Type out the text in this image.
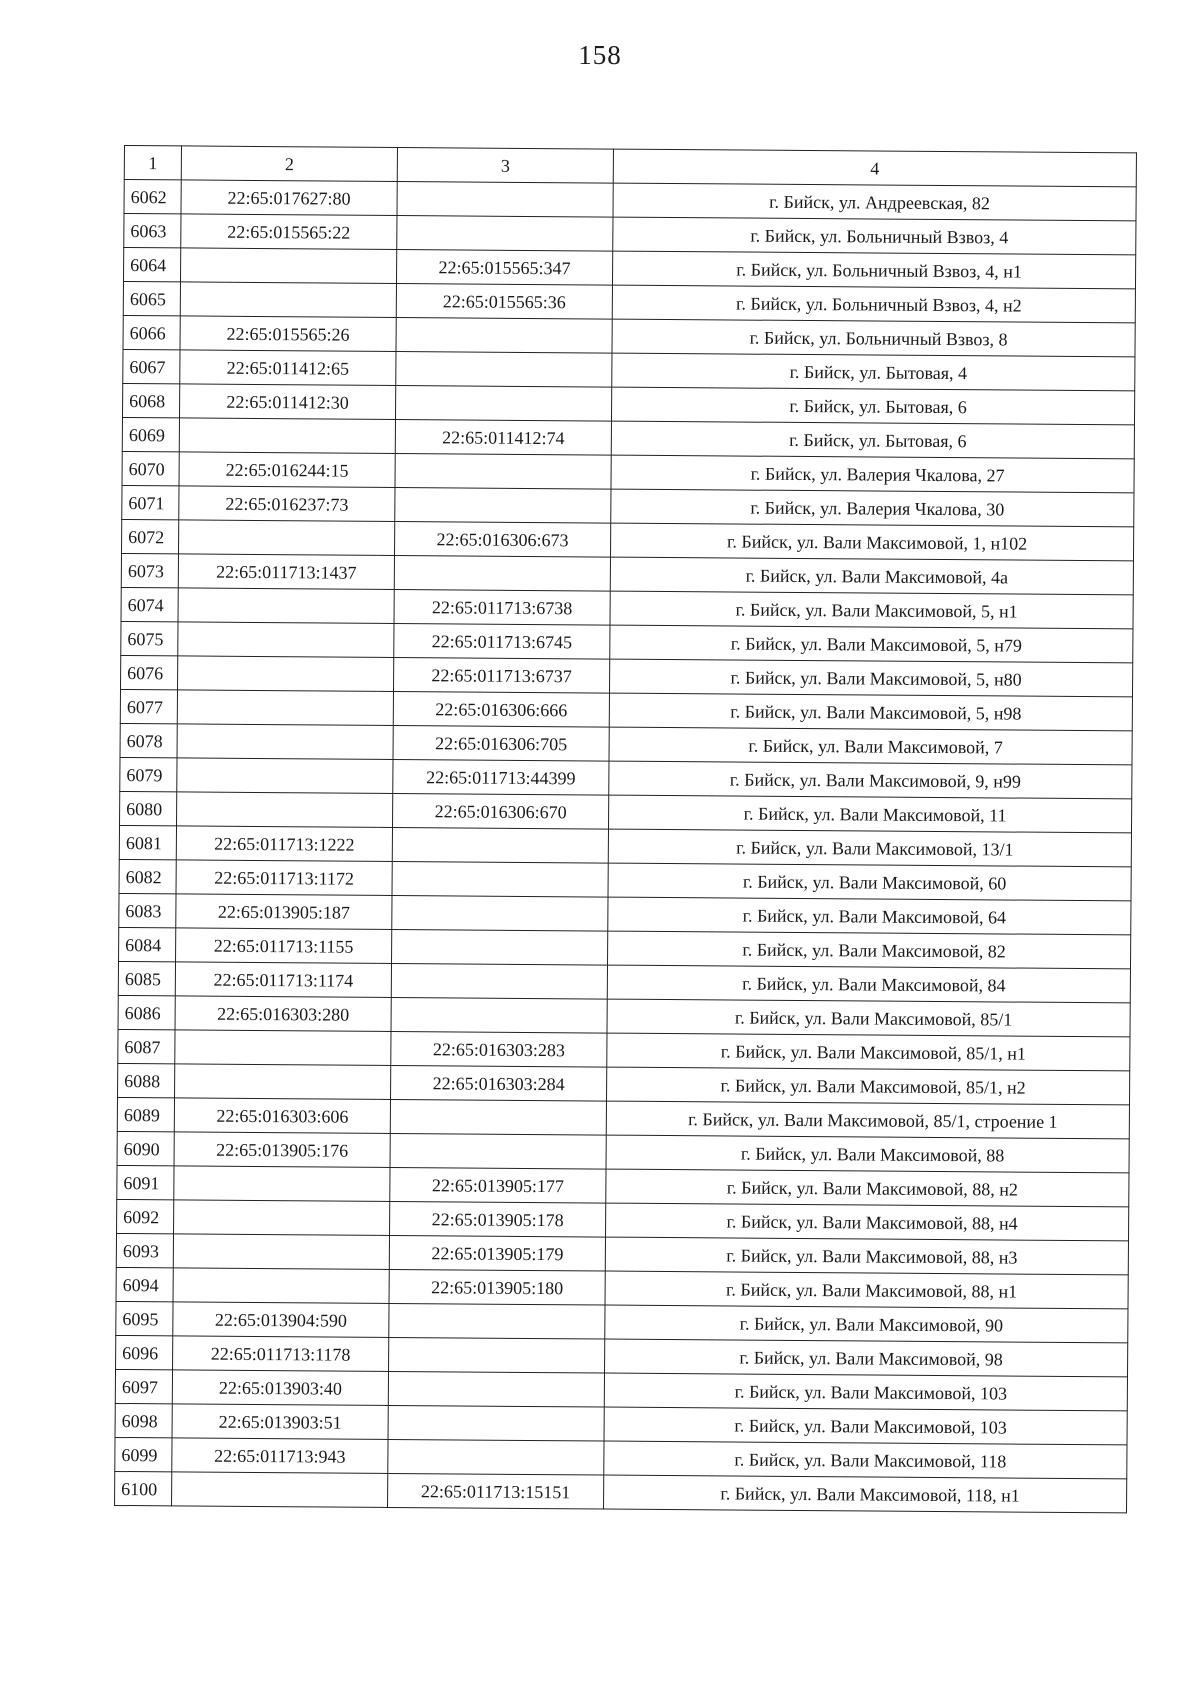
158
1	2	3	4
6062	22:65:017627:80		г. Бийск, ул. Андреевская, 82
6063	22:65:015565:22		г. Бийск, ул. Больничный Взвоз, 4
6064		22:65:015565:347	г. Бийск, ул. Больничный Взвоз, 4, н1
6065		22:65:015565:36	г. Бийск, ул. Больничный Взвоз, 4, н2
6066	22:65:015565:26		г. Бийск, ул. Больничный Взвоз, 8
6067	22:65:011412:65		г. Бийск, ул. Бытовая, 4
6068	22:65:011412:30		г. Бийск, ул. Бытовая, 6
6069		22:65:011412:74	г. Бийск, ул. Бытовая, 6
6070	22:65:016244:15		г. Бийск, ул. Валерия Чкалова, 27
6071	22:65:016237:73		г. Бийск, ул. Валерия Чкалова, 30
6072		22:65:016306:673	г. Бийск, ул. Вали Максимовой, 1, н102
6073	22:65:011713:1437		г. Бийск, ул. Вали Максимовой, 4а
6074		22:65:011713:6738	г. Бийск, ул. Вали Максимовой, 5, н1
6075		22:65:011713:6745	г. Бийск, ул. Вали Максимовой, 5, н79
6076		22:65:011713:6737	г. Бийск, ул. Вали Максимовой, 5, н80
6077		22:65:016306:666	г. Бийск, ул. Вали Максимовой, 5, н98
6078		22:65:016306:705	г. Бийск, ул. Вали Максимовой, 7
6079		22:65:011713:44399	г. Бийск, ул. Вали Максимовой, 9, н99
6080		22:65:016306:670	г. Бийск, ул. Вали Максимовой, 11
6081	22:65:011713:1222		г. Бийск, ул. Вали Максимовой, 13/1
6082	22:65:011713:1172		г. Бийск, ул. Вали Максимовой, 60
6083	22:65:013905:187		г. Бийск, ул. Вали Максимовой, 64
6084	22:65:011713:1155		г. Бийск, ул. Вали Максимовой, 82
6085	22:65:011713:1174		г. Бийск, ул. Вали Максимовой, 84
6086	22:65:016303:280		г. Бийск, ул. Вали Максимовой, 85/1
6087		22:65:016303:283	г. Бийск, ул. Вали Максимовой, 85/1, н1
6088		22:65:016303:284	г. Бийск, ул. Вали Максимовой, 85/1, н2
6089	22:65:016303:606		г. Бийск, ул. Вали Максимовой, 85/1, строение 1
6090	22:65:013905:176		г. Бийск, ул. Вали Максимовой, 88
6091		22:65:013905:177	г. Бийск, ул. Вали Максимовой, 88, н2
6092		22:65:013905:178	г. Бийск, ул. Вали Максимовой, 88, н4
6093		22:65:013905:179	г. Бийск, ул. Вали Максимовой, 88, н3
6094		22:65:013905:180	г. Бийск, ул. Вали Максимовой, 88, н1
6095	22:65:013904:590		г. Бийск, ул. Вали Максимовой, 90
6096	22:65:011713:1178		г. Бийск, ул. Вали Максимовой, 98
6097	22:65:013903:40		г. Бийск, ул. Вали Максимовой, 103
6098	22:65:013903:51		г. Бийск, ул. Вали Максимовой, 103
6099	22:65:011713:943		г. Бийск, ул. Вали Максимовой, 118
6100		22:65:011713:15151	г. Бийск, ул. Вали Максимовой, 118, н1
